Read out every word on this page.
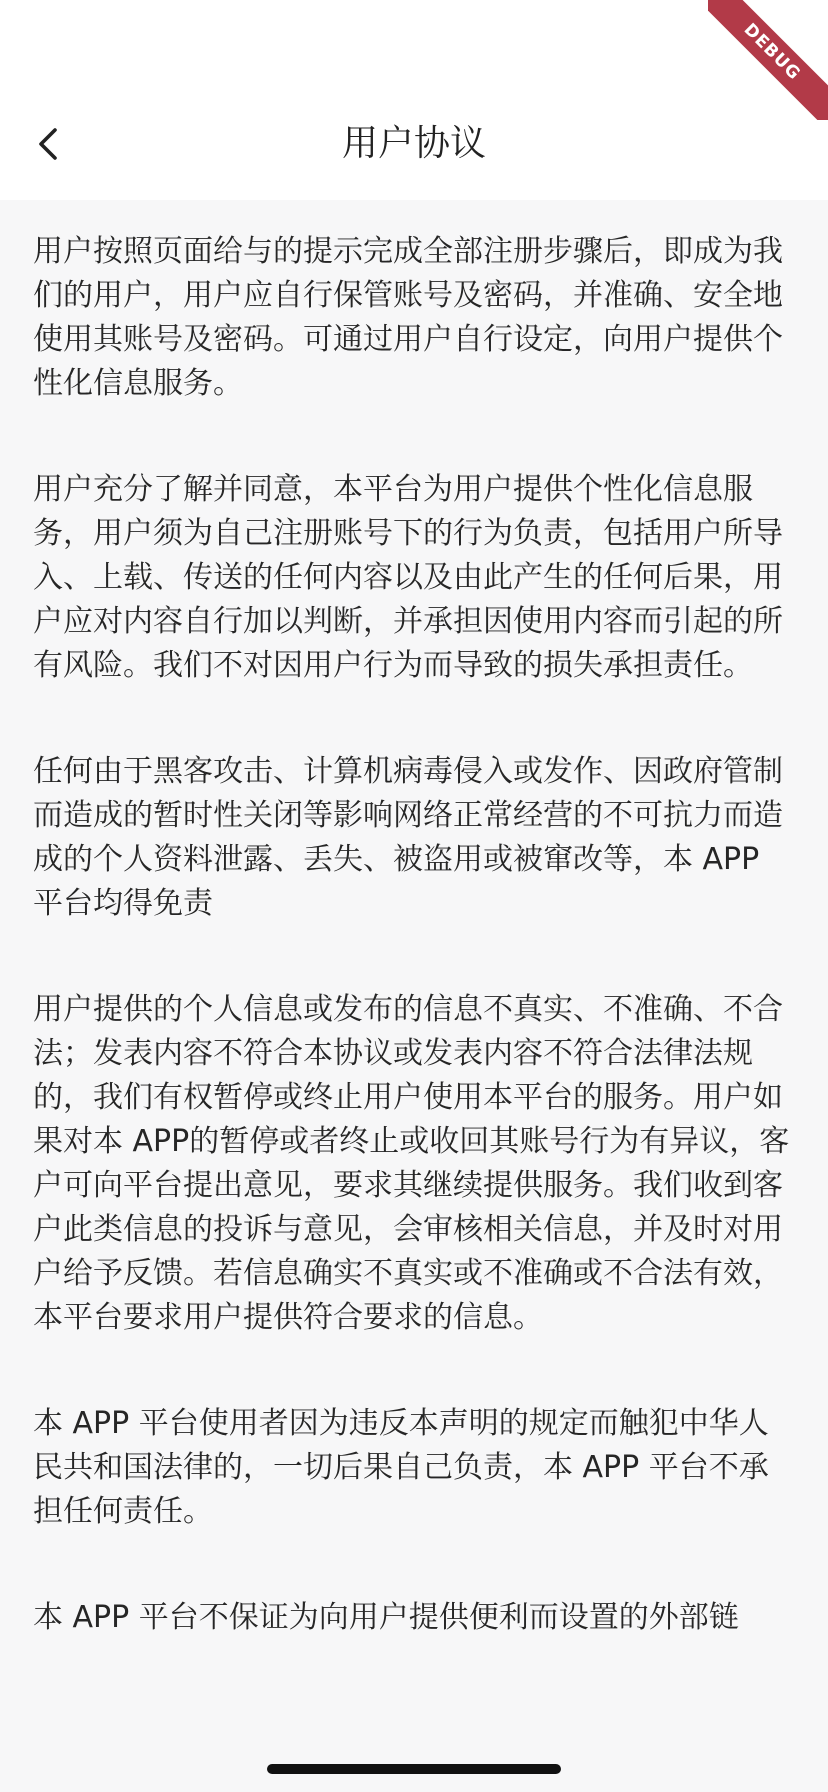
用户协议
DEBUG

用户按照页面给与的提示完成全部注册步骤后，即成为我们的用户，用户应自行保管账号及密码，并准确、安全地使用其账号及密码。可通过用户自行设定，向用户提供个性化信息服务。

用户充分了解并同意，本平台为用户提供个性化信息服务，用户须为自己注册账号下的行为负责，包括用户所导入、上载、传送的任何内容以及由此产生的任何后果，用户应对内容自行加以判断，并承担因使用内容而引起的所有风险。我们不对因用户行为而导致的损失承担责任。

任何由于黑客攻击、计算机病毒侵入或发作、因政府管制而造成的暂时性关闭等影响网络正常经营的不可抗力而造成的个人资料泄露、丢失、被盗用或被窜改等，本 APP 平台均得免责

用户提供的个人信息或发布的信息不真实、不准确、不合法；发表内容不符合本协议或发表内容不符合法律法规的，我们有权暂停或终止用户使用本平台的服务。用户如果对本 APP的暂停或者终止或收回其账号行为有异议，客户可向平台提出意见，要求其继续提供服务。我们收到客户此类信息的投诉与意见，会审核相关信息，并及时对用户给予反馈。若信息确实不真实或不准确或不合法有效，本平台要求用户提供符合要求的信息。

本 APP 平台使用者因为违反本声明的规定而触犯中华人民共和国法律的，一切后果自己负责，本 APP 平台不承担任何责任。

本 APP 平台不保证为向用户提供便利而设置的外部链
